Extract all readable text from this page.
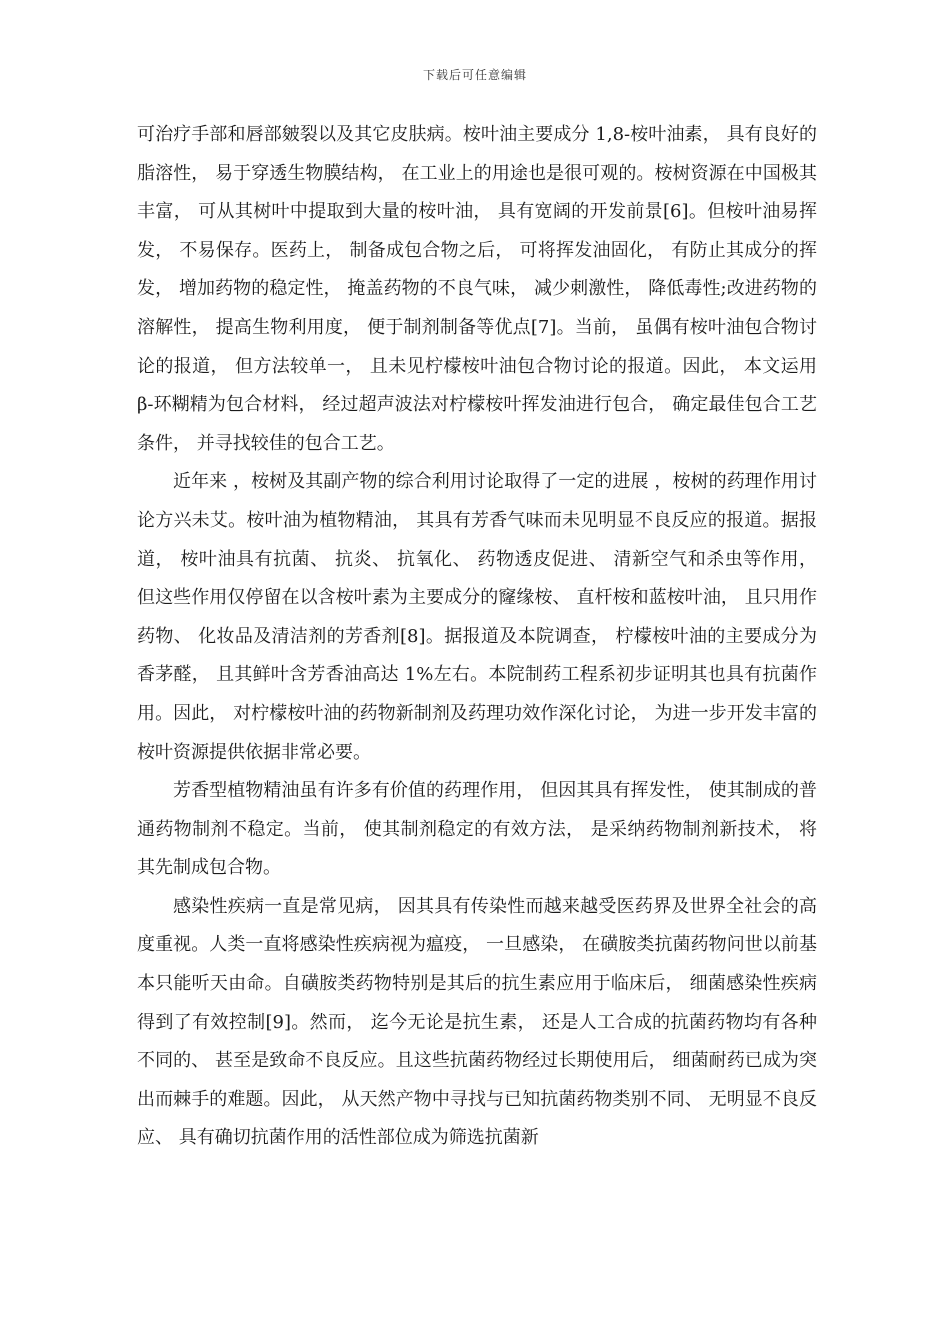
下载后可任意编辑

可治疗手部和唇部皴裂以及其它皮肤病。桉叶油主要成分 1,8-桉叶油素， 具有良好的脂溶性， 易于穿透生物膜结构， 在工业上的用途也是很可观的。桉树资源在中国极其丰富， 可从其树叶中提取到大量的桉叶油， 具有宽阔的开发前景[6]。但桉叶油易挥发， 不易保存。医药上， 制备成包合物之后， 可将挥发油固化， 有防止其成分的挥发， 增加药物的稳定性， 掩盖药物的不良气味， 减少刺激性， 降低毒性;改进药物的溶解性， 提高生物利用度， 便于制剂制备等优点[7]。当前， 虽偶有桉叶油包合物讨论的报道， 但方法较单一， 且未见柠檬桉叶油包合物讨论的报道。因此， 本文运用 β-环糊精为包合材料， 经过超声波法对柠檬桉叶挥发油进行包合， 确定最佳包合工艺条件， 并寻找较佳的包合工艺。

近年来 ，桉树及其副产物的综合利用讨论取得了一定的进展 ，桉树的药理作用讨论方兴未艾。桉叶油为植物精油， 其具有芳香气味而未见明显不良反应的报道。据报道， 桉叶油具有抗菌、 抗炎、 抗氧化、 药物透皮促进、 清新空气和杀虫等作用， 但这些作用仅停留在以含桉叶素为主要成分的窿缘桉、 直杆桉和蓝桉叶油， 且只用作药物、 化妆品及清洁剂的芳香剂[8]。据报道及本院调查， 柠檬桉叶油的主要成分为香茅醛， 且其鲜叶含芳香油高达 1%左右。本院制药工程系初步证明其也具有抗菌作用。因此， 对柠檬桉叶油的药物新制剂及药理功效作深化讨论， 为进一步开发丰富的桉叶资源提供依据非常必要。

芳香型植物精油虽有许多有价值的药理作用， 但因其具有挥发性， 使其制成的普通药物制剂不稳定。当前， 使其制剂稳定的有效方法， 是采纳药物制剂新技术， 将其先制成包合物。

感染性疾病一直是常见病， 因其具有传染性而越来越受医药界及世界全社会的高度重视。人类一直将感染性疾病视为瘟疫， 一旦感染， 在磺胺类抗菌药物问世以前基本只能听天由命。自磺胺类药物特别是其后的抗生素应用于临床后， 细菌感染性疾病得到了有效控制[9]。然而， 迄今无论是抗生素， 还是人工合成的抗菌药物均有各种不同的、 甚至是致命不良反应。且这些抗菌药物经过长期使用后， 细菌耐药已成为突出而棘手的难题。因此， 从天然产物中寻找与已知抗菌药物类别不同、 无明显不良反应、 具有确切抗菌作用的活性部位成为筛选抗菌新
